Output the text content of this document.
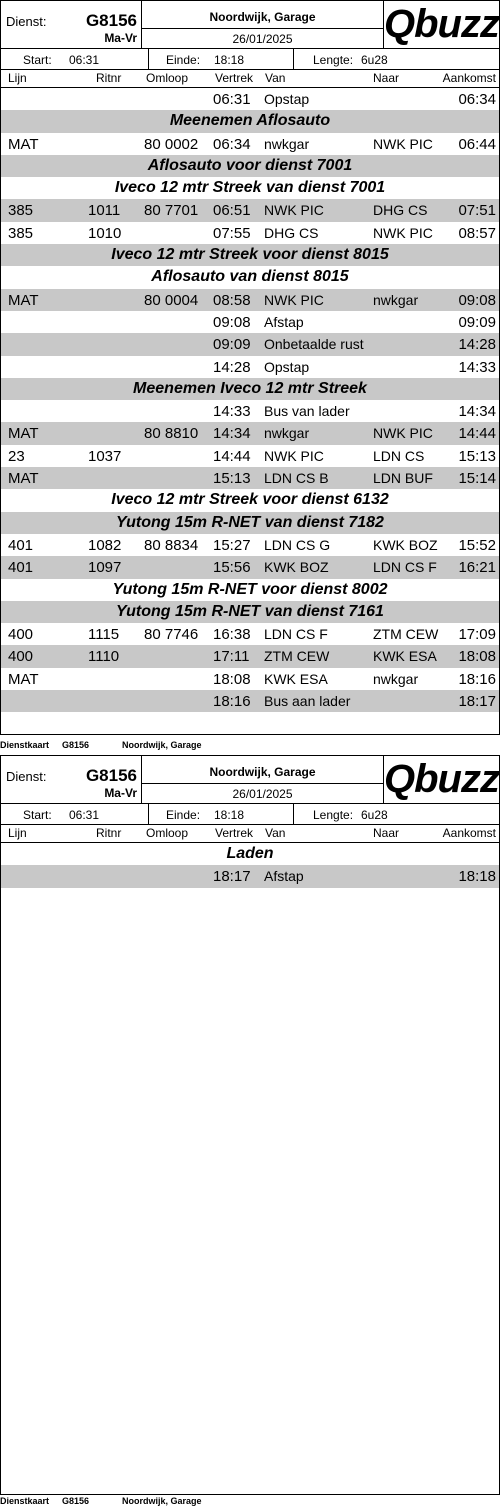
Dienst: G8156
Ma-Vr
Noordwijk, Garage
26/01/2025	Qbuzz
Start: 06:31	Einde: 18:18	Lengte: 6u28
Lijn	Ritnr Omloop Vertrek Van	Naar	Aankomst
06:31 Opstap	06:34
Meenemen Aflosauto
MAT	80 0002 06:34 nwkgar	NWK PIC 06:44
Aflosauto voor dienst 7001
Iveco 12 mtr Streek van dienst 7001
385	1011 80 7701 06:51 NWK PIC	DHG CS 07:51
385	1010	07:55 DHG CS	NWK PIC 08:57
Iveco 12 mtr Streek voor dienst 8015
Aflosauto van dienst 8015
MAT	80 0004 08:58 NWK PIC	nwkgar	09:08
09:08 Afstap	09:09
09:09 Onbetaalde rust	14:28
14:28 Opstap	14:33
Meenemen Iveco 12 mtr Streek
14:33 Bus van lader	14:34
MAT	80 8810 14:34 nwkgar	NWK PIC 14:44
23	1037	14:44 NWK PIC	LDN CS 15:13
MAT	15:13 LDN CS B	LDN BUF 15:14
Iveco 12 mtr Streek voor dienst 6132
Yutong 15m R-NET van dienst 7182
401	1082 80 8834 15:27 LDN CS G	KWK BOZ 15:52
401	1097	15:56 KWK BOZ	LDN CS F 16:21
Yutong 15m R-NET voor dienst 8002
Yutong 15m R-NET van dienst 7161
400	1115 80 7746 16:38 LDN CS F	ZTM CEW 17:09
400	1110	17:11 ZTM CEW	KWK ESA 18:08
MAT	18:08 KWK ESA	nwkgar	18:16
18:16 Bus aan lader	18:17
Dienstkaart G8156	Noordwijk, Garage
Dienst: G8156
Ma-Vr
Noordwijk, Garage
26/01/2025	Qbuzz
Start: 06:31	Einde: 18:18	Lengte: 6u28
Lijn	Ritnr Omloop Vertrek Van	Naar	Aankomst
Laden
18:17 Afstap	18:18
Dienstkaart G8156	Noordwijk, Garage
